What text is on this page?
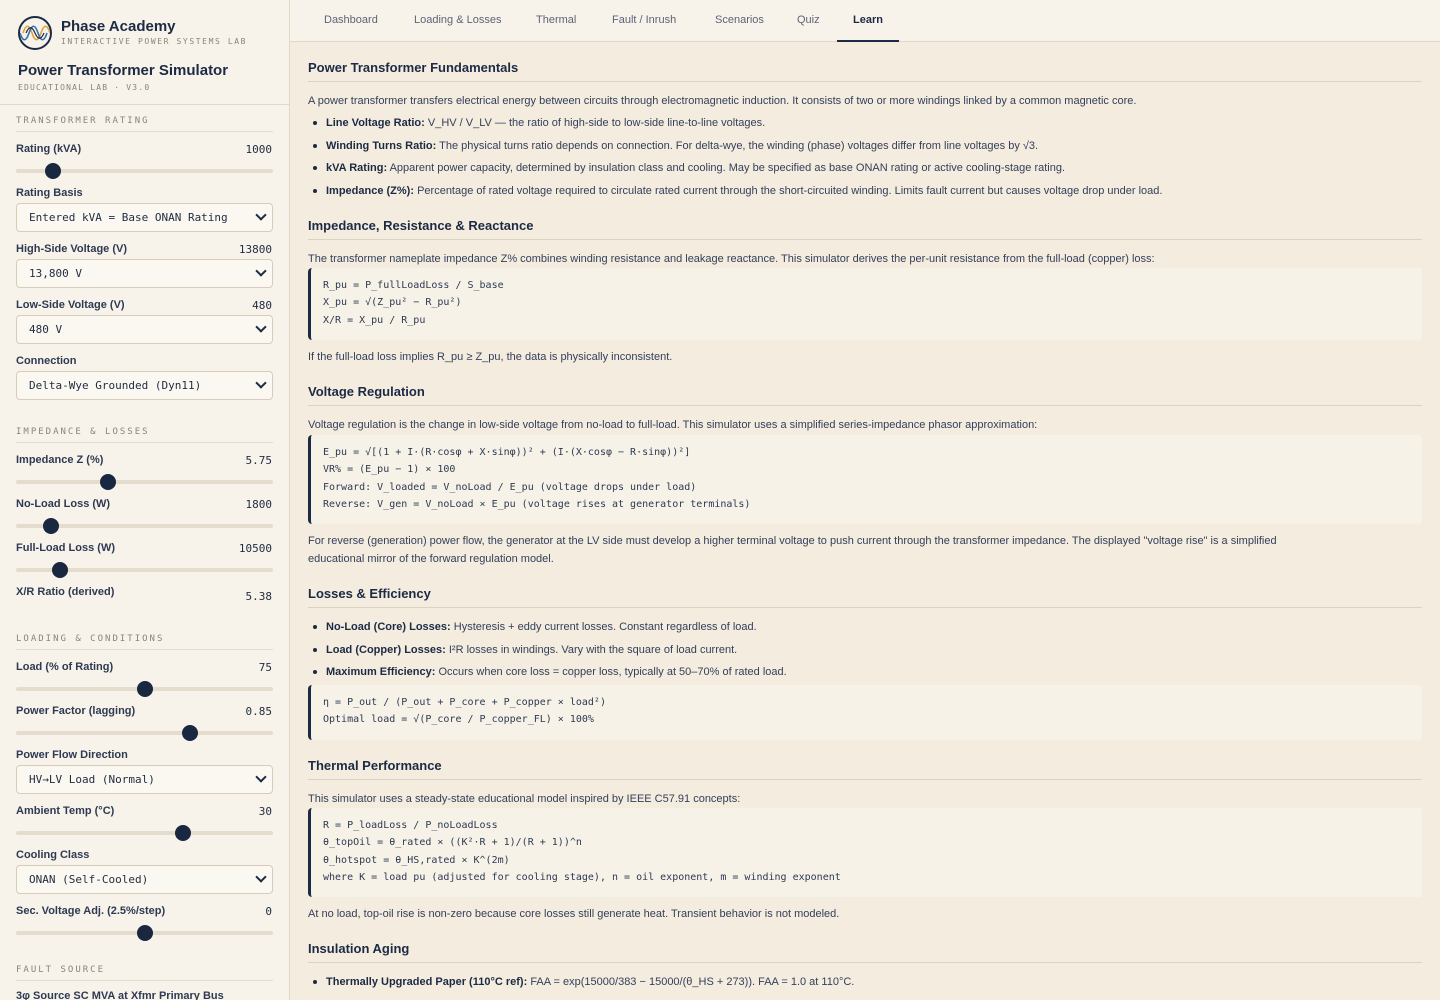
Phase Academy
INTERACTIVE POWER SYSTEMS LAB
Power Transformer Simulator
EDUCATIONAL LAB · V3.0
TRANSFORMER RATING
Rating (kVA)	1000
Rating Basis
Entered kVA = Base ONAN Rating
High-Side Voltage (V)	13800
13,800 V
Low-Side Voltage (V)	480
480 V
Connection
Delta-Wye Grounded (Dyn11)
IMPEDANCE & LOSSES
Impedance Z (%)	5.75
No-Load Loss (W)	1800
Full-Load Loss (W)	10500
X/R Ratio (derived)	5.38
LOADING & CONDITIONS
Load (% of Rating)	75
Power Factor (lagging)	0.85
Power Flow Direction
HV→LV Load (Normal)
Ambient Temp (°C)	30
Cooling Class
ONAN (Self-Cooled)
Sec. Voltage Adj. (2.5%/step)	0
FAULT SOURCE
3φ Source SC MVA at Xfmr Primary Bus
Dashboard	Loading & Losses	Thermal	Fault / Inrush	Scenarios	Quiz	Learn
Power Transformer Fundamentals
A power transformer transfers electrical energy between circuits through electromagnetic induction. It consists of two or more windings linked by a common magnetic core.
Line Voltage Ratio: V_HV / V_LV — the ratio of high-side to low-side line-to-line voltages.
Winding Turns Ratio: The physical turns ratio depends on connection. For delta-wye, the winding (phase) voltages differ from line voltages by √3.
kVA Rating: Apparent power capacity, determined by insulation class and cooling. May be specified as base ONAN rating or active cooling-stage rating.
Impedance (Z%): Percentage of rated voltage required to circulate rated current through the short-circuited winding. Limits fault current but causes voltage drop under load.
Impedance, Resistance & Reactance
The transformer nameplate impedance Z% combines winding resistance and leakage reactance. This simulator derives the per-unit resistance from the full-load (copper) loss:
R_pu = P_fullLoadLoss / S_base
X_pu = √(Z_pu² − R_pu²)
X/R = X_pu / R_pu
If the full-load loss implies R_pu ≥ Z_pu, the data is physically inconsistent.
Voltage Regulation
Voltage regulation is the change in low-side voltage from no-load to full-load. This simulator uses a simplified series-impedance phasor approximation:
E_pu = √[(1 + I·(R·cosφ + X·sinφ))² + (I·(X·cosφ − R·sinφ))²]
VR% = (E_pu − 1) × 100
Forward: V_loaded = V_noLoad / E_pu (voltage drops under load)
Reverse: V_gen = V_noLoad × E_pu (voltage rises at generator terminals)
For reverse (generation) power flow, the generator at the LV side must develop a higher terminal voltage to push current through the transformer impedance. The displayed "voltage rise" is a simplified
educational mirror of the forward regulation model.
Losses & Efficiency
No-Load (Core) Losses: Hysteresis + eddy current losses. Constant regardless of load.
Load (Copper) Losses: I²R losses in windings. Vary with the square of load current.
Maximum Efficiency: Occurs when core loss = copper loss, typically at 50–70% of rated load.
η = P_out / (P_out + P_core + P_copper × load²)
Optimal load = √(P_core / P_copper_FL) × 100%
Thermal Performance
This simulator uses a steady-state educational model inspired by IEEE C57.91 concepts:
R = P_loadLoss / P_noLoadLoss
θ_topOil = θ_rated × ((K²·R + 1)/(R + 1))^n
θ_hotspot = θ_HS,rated × K^(2m)
where K = load pu (adjusted for cooling stage), n = oil exponent, m = winding exponent
At no load, top-oil rise is non-zero because core losses still generate heat. Transient behavior is not modeled.
Insulation Aging
Thermally Upgraded Paper (110°C ref): FAA = exp(15000/383 − 15000/(θ_HS + 273)). FAA = 1.0 at 110°C.
